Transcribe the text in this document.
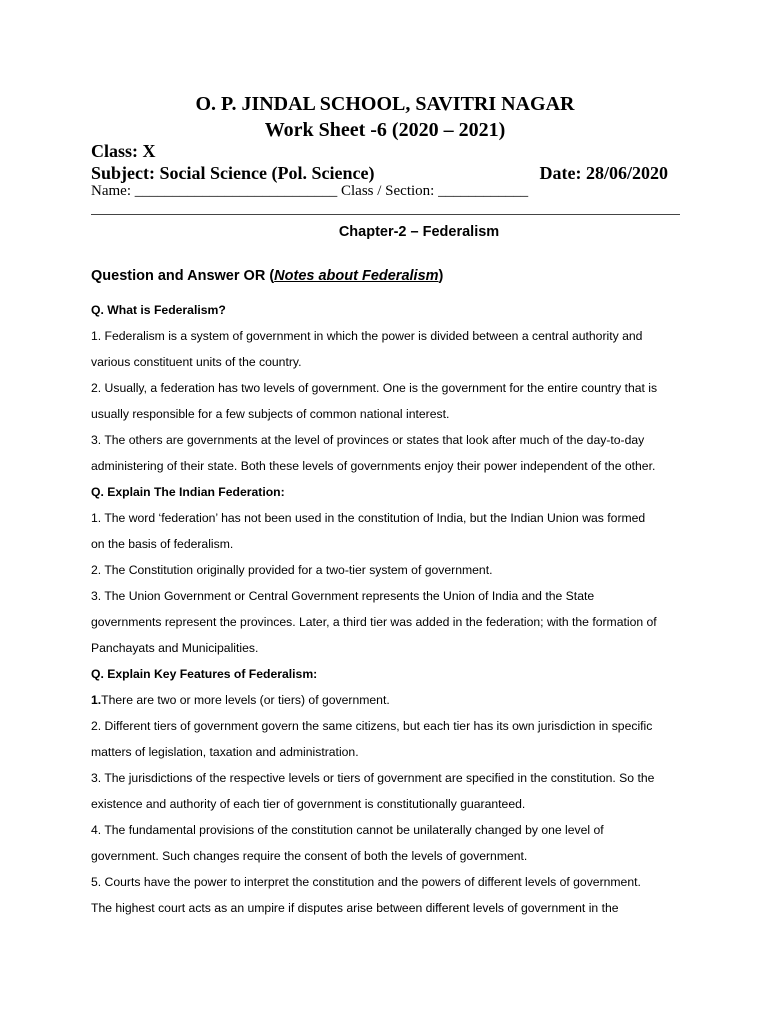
O. P. JINDAL SCHOOL, SAVITRI NAGAR
Work Sheet -6 (2020 – 2021)
Class: X
Subject: Social Science (Pol. Science)	Date: 28/06/2020
Name: ___________________________ Class / Section: ____________
Chapter-2 – Federalism
Question and Answer OR (Notes about Federalism)

Q. What is Federalism?

1. Federalism is a system of government in which the power is divided between a central authority and

various constituent units of the country.

2. Usually, a federation has two levels of government. One is the government for the entire country that is

usually responsible for a few subjects of common national interest.

3. The others are governments at the level of provinces or states that look after much of the day-to-day

administering of their state. Both these levels of governments enjoy their power independent of the other.

Q. Explain The Indian Federation:

1. The word ‘federation’ has not been used in the constitution of India, but the Indian Union was formed

on the basis of federalism.

2. The Constitution originally provided for a two-tier system of government.

3. The Union Government or Central Government represents the Union of India and the State

governments represent the provinces. Later, a third tier was added in the federation; with the formation of

Panchayats and Municipalities.

Q. Explain Key Features of Federalism:

1.There are two or more levels (or tiers) of government.

2. Different tiers of government govern the same citizens, but each tier has its own jurisdiction in specific

matters of legislation, taxation and administration.

3. The jurisdictions of the respective levels or tiers of government are specified in the constitution. So the

existence and authority of each tier of government is constitutionally guaranteed.

4. The fundamental provisions of the constitution cannot be unilaterally changed by one level of

government. Such changes require the consent of both the levels of government.

5. Courts have the power to interpret the constitution and the powers of different levels of government.

The highest court acts as an umpire if disputes arise between different levels of government in the
